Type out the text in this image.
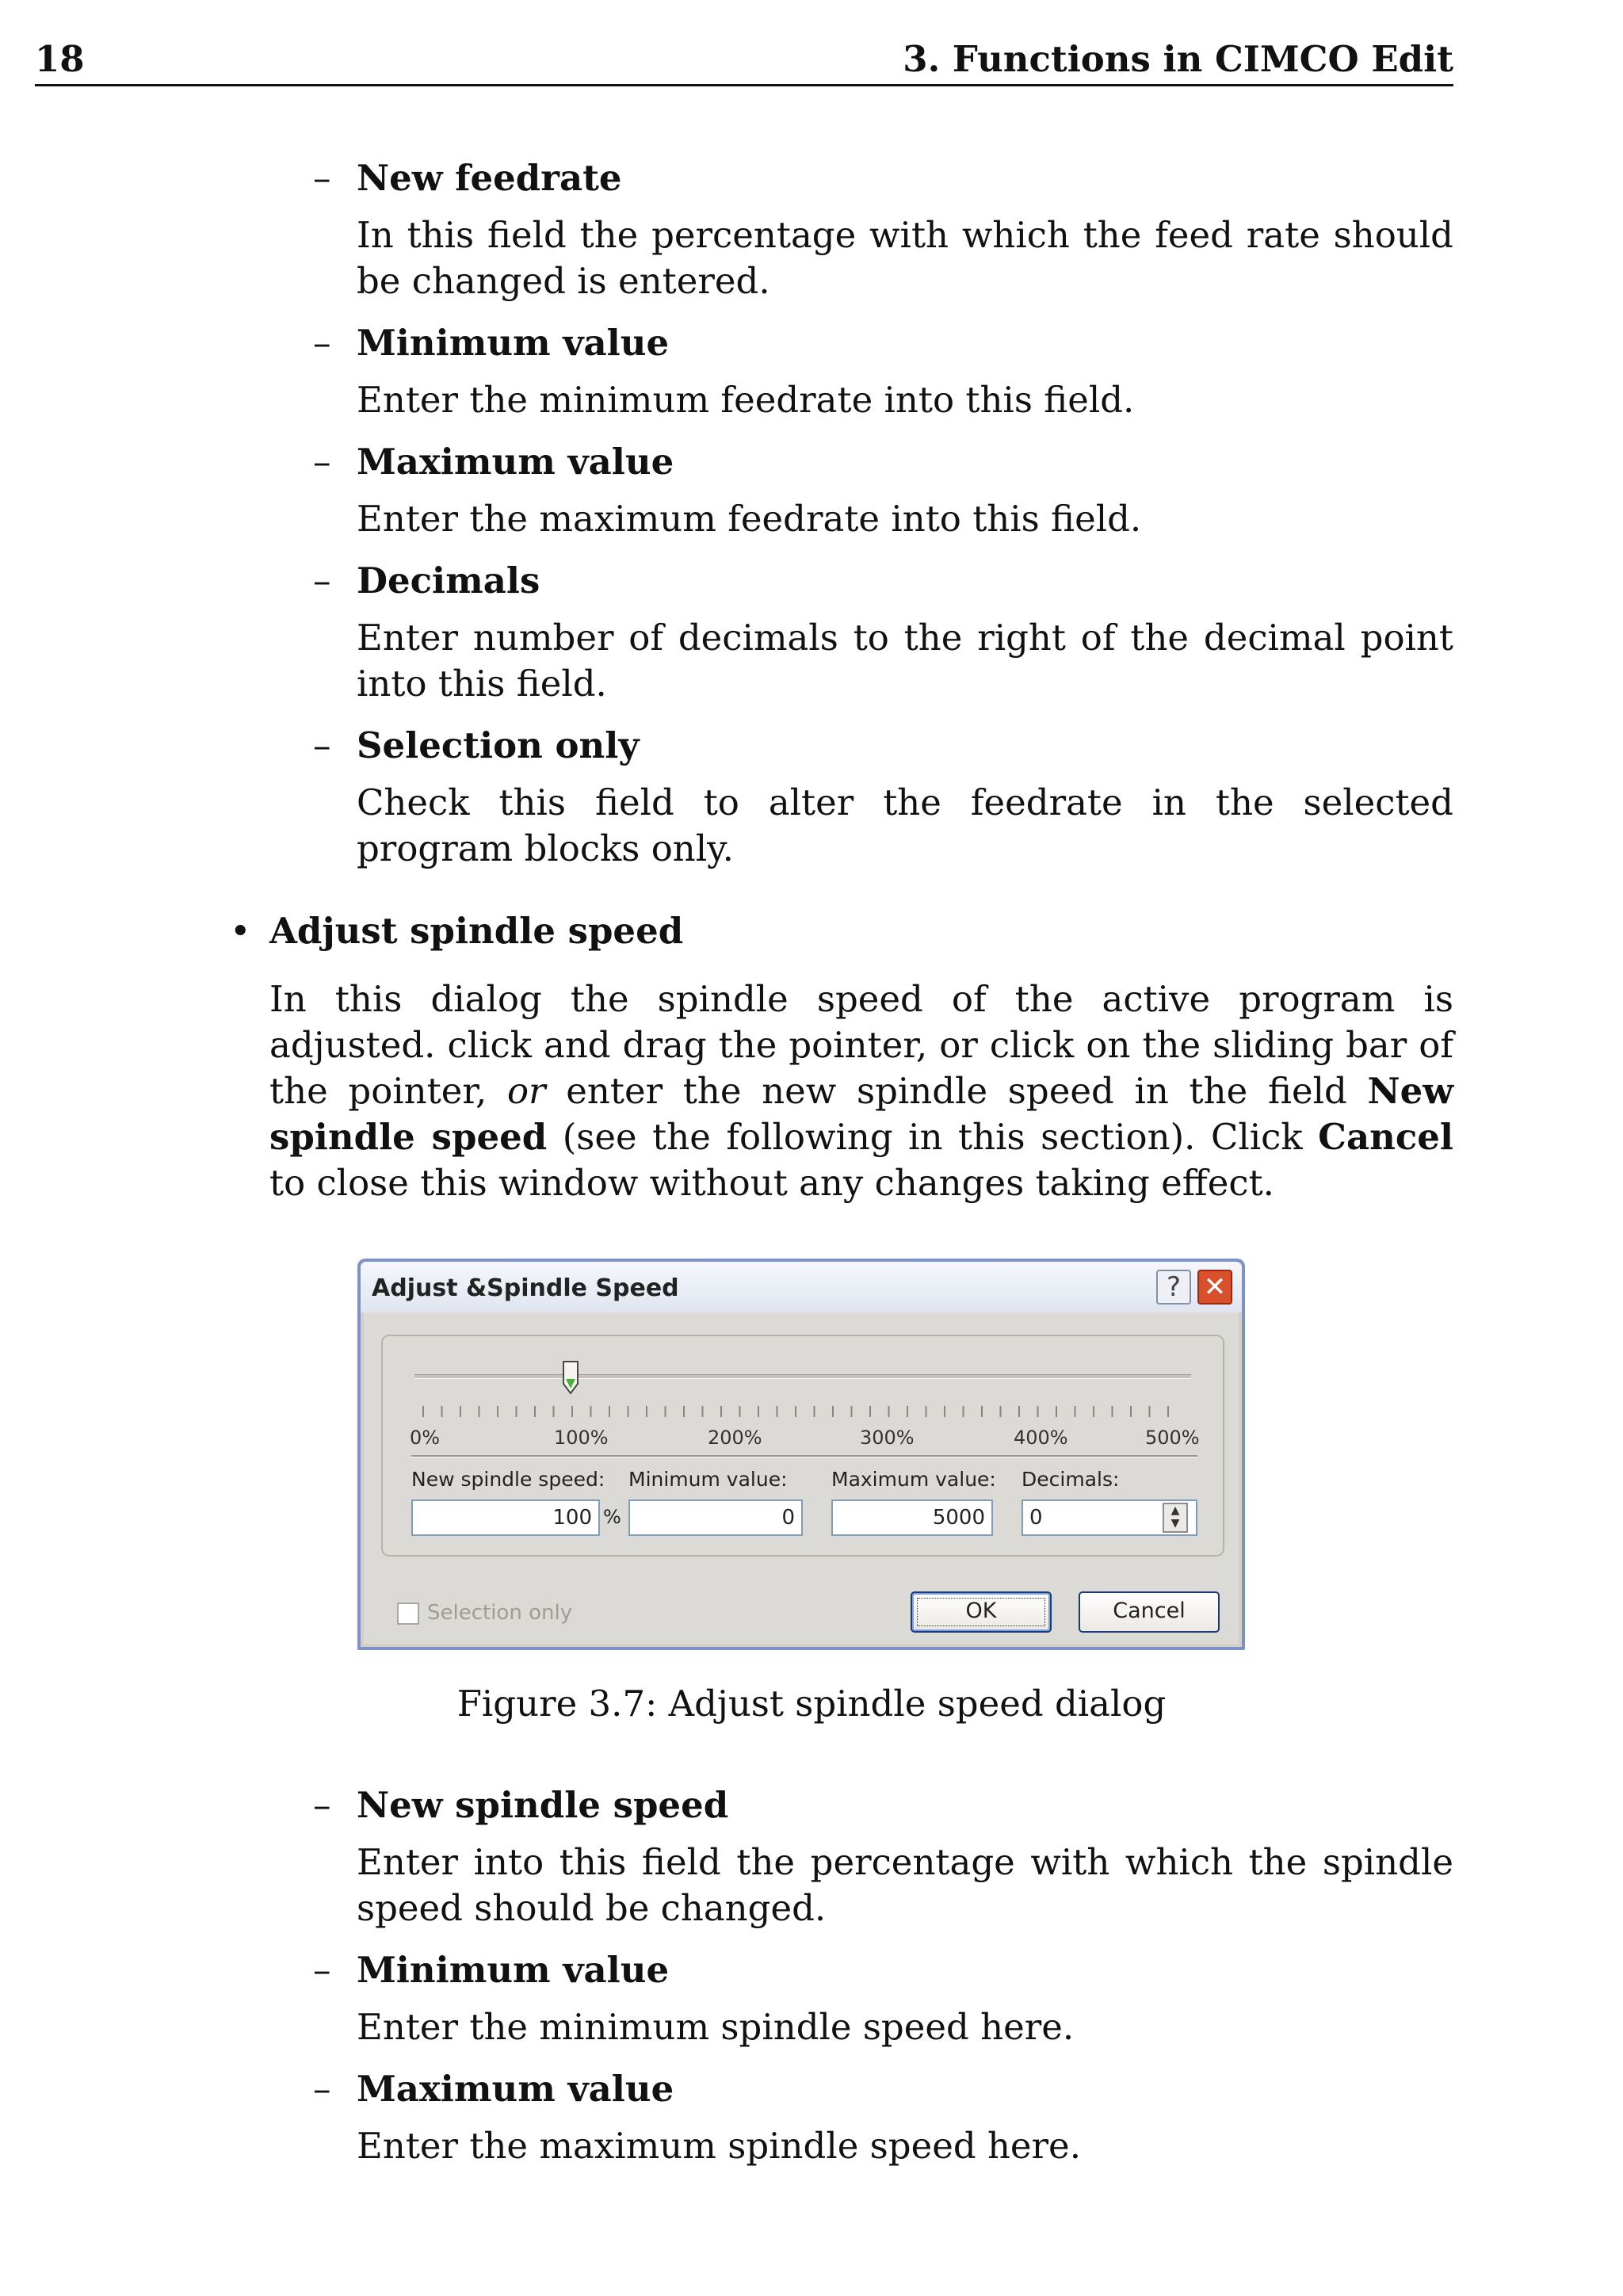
18	3. Functions in CIMCO Edit
– New feedrate
In this field the percentage with which the feed rate should be changed is entered.
– Minimum value
Enter the minimum feedrate into this field.
– Maximum value
Enter the maximum feedrate into this field.
– Decimals
Enter number of decimals to the right of the decimal point into this field.
– Selection only
Check this field to alter the feedrate in the selected program blocks only.
• Adjust spindle speed
In this dialog the spindle speed of the active program is adjusted. click and drag the pointer, or click on the sliding bar of the pointer, or enter the new spindle speed in the field New spindle speed (see the following in this section). Click Cancel to close this window without any changes taking effect.
Adjust &Spindle Speed	? ✕
0%	100%	200%	300%	400%	500%
New spindle speed:
100 %
Minimum value:
0
Maximum value:
5000
Decimals:
0	▲
▼
Selection only	OK	Cancel
Figure 3.7: Adjust spindle speed dialog
– New spindle speed
Enter into this field the percentage with which the spindle speed should be changed.
– Minimum value
Enter the minimum spindle speed here.
– Maximum value
Enter the maximum spindle speed here.
